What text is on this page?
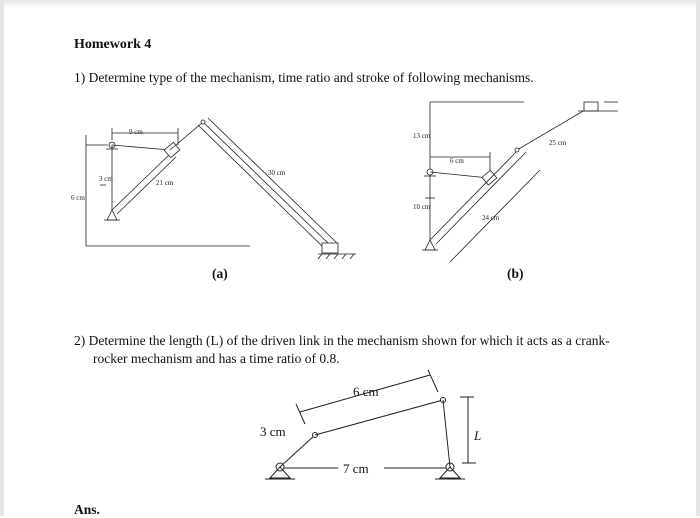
Homework 4
1) Determine type of the mechanism, time ratio and stroke of following mechanisms.
3 cm
9 cm
6 cm
21 cm
30 cm
13 cm
6 cm
10 cm
24 cm
25 cm
6 cm
3 cm
7 cm
L
(a)	(b)
2) Determine the length (L) of the driven link in the mechanism shown for which it acts as a crank-
rocker mechanism and has a time ratio of 0.8.
Ans.
